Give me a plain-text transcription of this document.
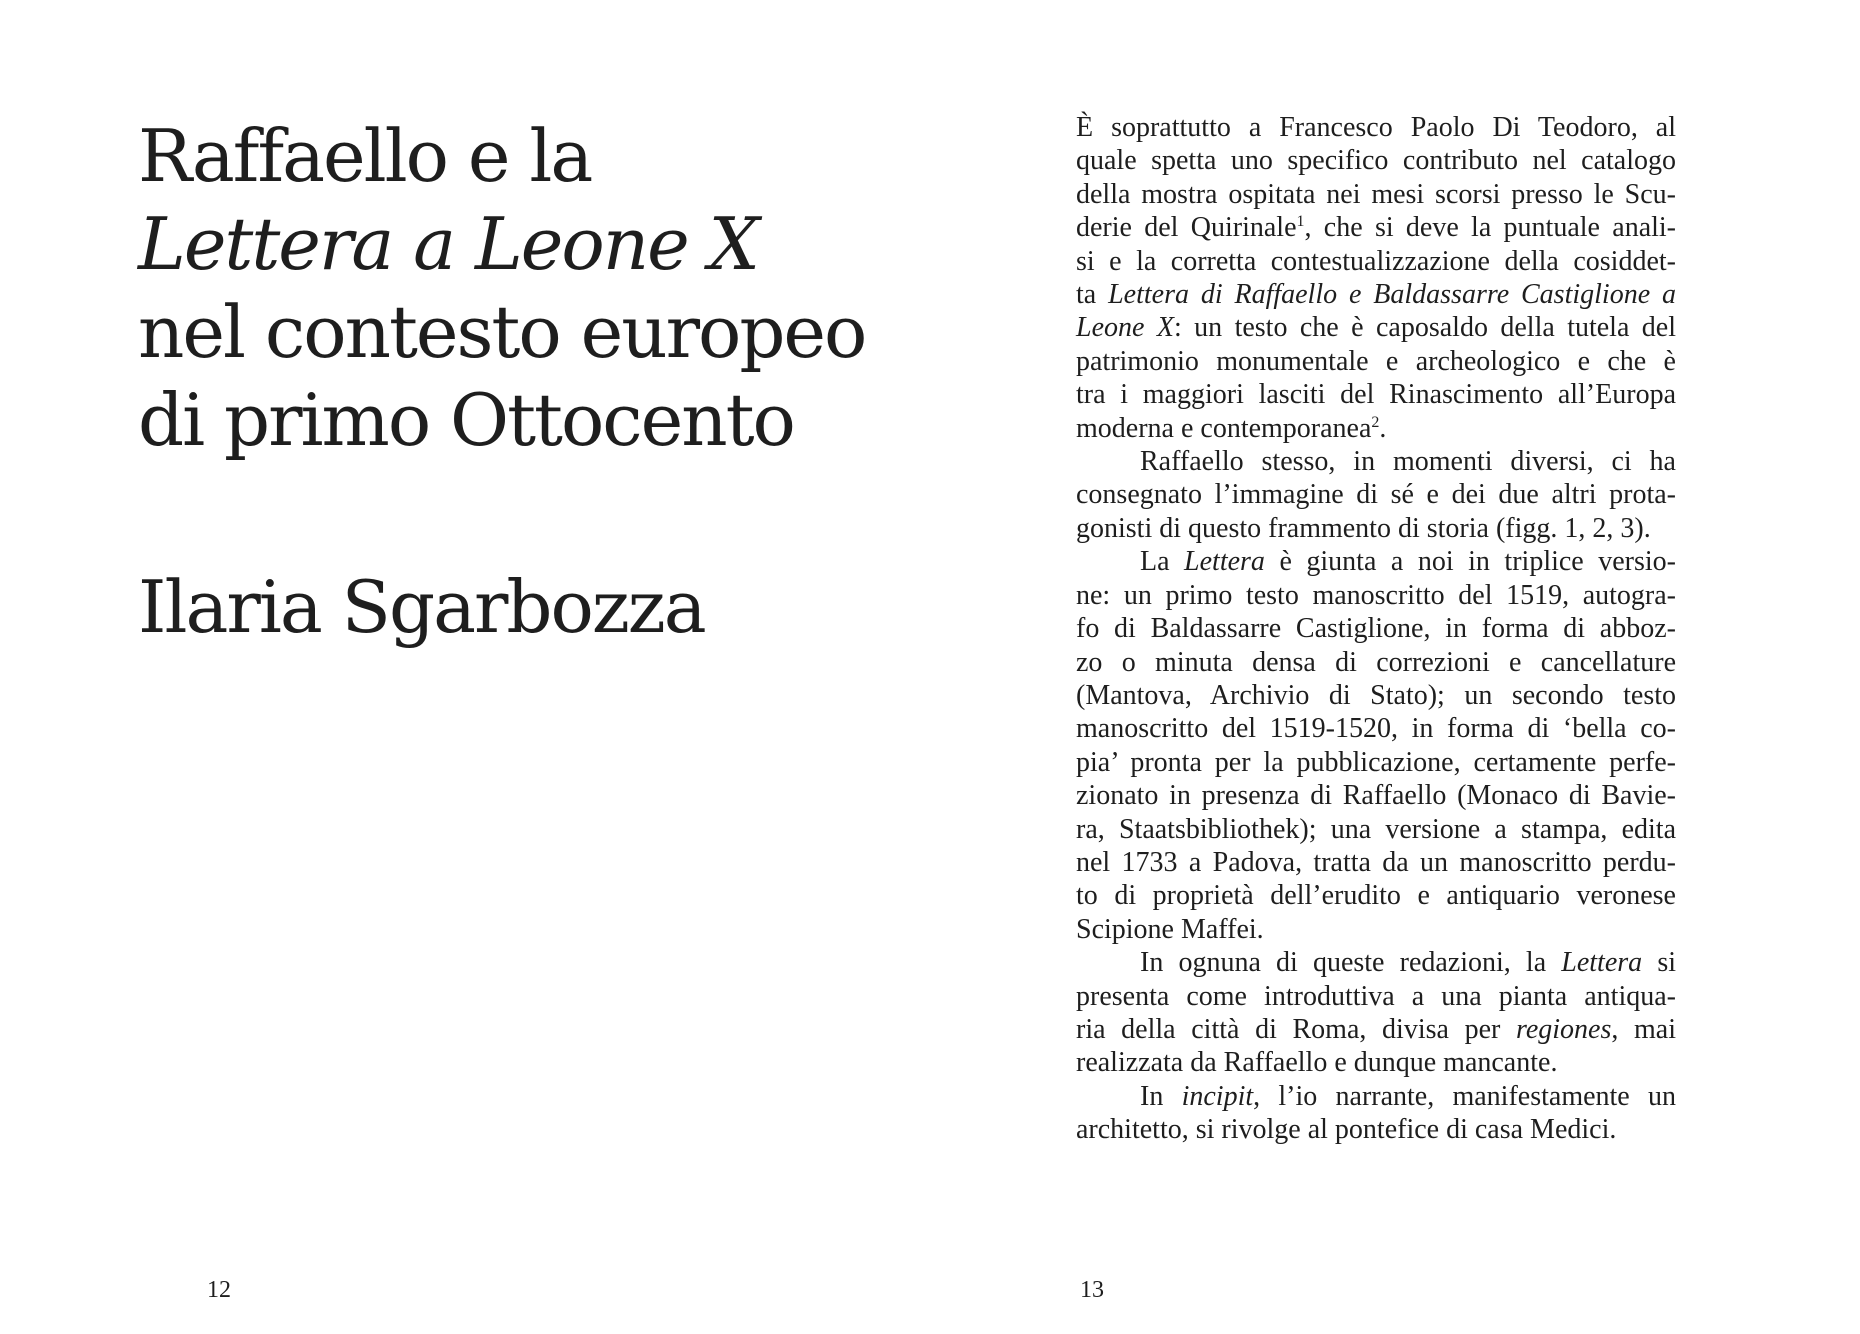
Raffaello e la
Lettera a Leone X
nel contesto europeo
di primo Ottocento
Ilaria Sgarbozza
12
È soprattutto a Francesco Paolo Di Teodoro, al
quale spetta uno specifico contributo nel catalogo
della mostra ospitata nei mesi scorsi presso le Scu-
derie del Quirinale$^1$, che si deve la puntuale anali-
si e la corretta contestualizzazione della cosiddet-
ta Lettera di Raffaello e Baldassarre Castiglione a
Leone X: un testo che è caposaldo della tutela del
patrimonio monumentale e archeologico e che è
tra i maggiori lasciti del Rinascimento all’Europa
moderna e contemporanea$^2$.
Raffaello stesso, in momenti diversi, ci ha
consegnato l’immagine di sé e dei due altri prota-
gonisti di questo frammento di storia (figg. 1, 2, 3).
La Lettera è giunta a noi in triplice versio-
ne: un primo testo manoscritto del 1519, autogra-
fo di Baldassarre Castiglione, in forma di abboz-
zo o minuta densa di correzioni e cancellature
(Mantova, Archivio di Stato); un secondo testo
manoscritto del 1519-1520, in forma di ‘bella co-
pia’ pronta per la pubblicazione, certamente perfe-
zionato in presenza di Raffaello (Monaco di Bavie-
ra, Staatsbibliothek); una versione a stampa, edita
nel 1733 a Padova, tratta da un manoscritto perdu-
to di proprietà dell’erudito e antiquario veronese
Scipione Maffei.
In ognuna di queste redazioni, la Lettera si
presenta come introduttiva a una pianta antiqua-
ria della città di Roma, divisa per regiones, mai
realizzata da Raffaello e dunque mancante.
In incipit, l’io narrante, manifestamente un
architetto, si rivolge al pontefice di casa Medici.
13
